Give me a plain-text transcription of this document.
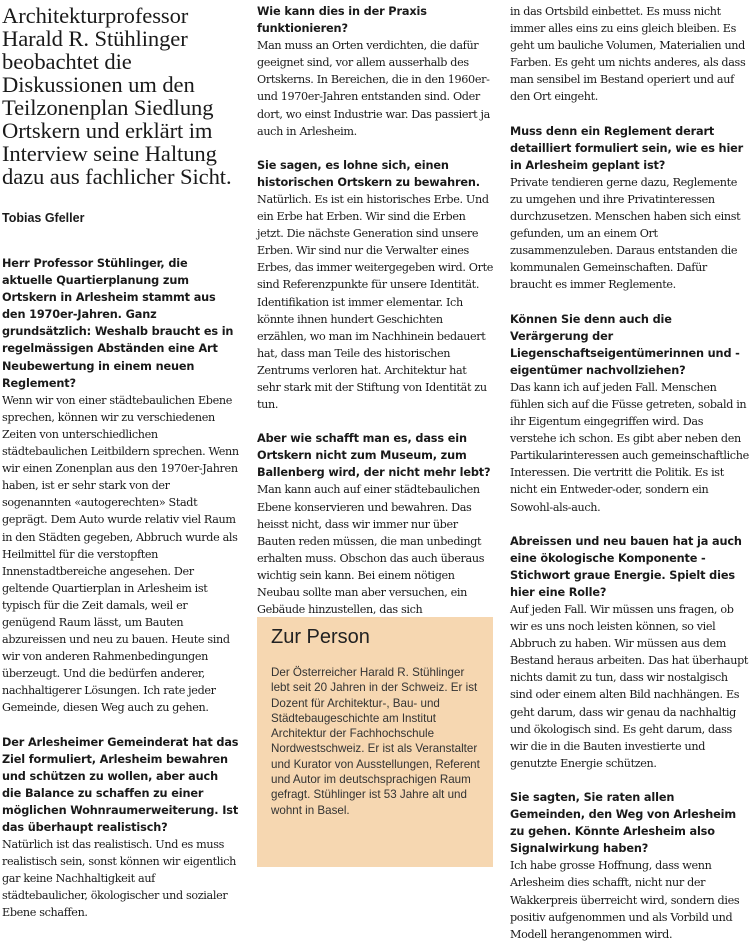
Architekturprofessor Harald R. Stühlinger beobachtet die Diskussionen um den Teilzonenplan Siedlung Ortskern und erklärt im Interview seine Haltung dazu aus fachlicher Sicht.

Tobias Gfeller

Herr Professor Stühlinger, die aktuelle Quartierplanung zum Ortskern in Arlesheim stammt aus den 1970er-Jahren. Ganz grundsätzlich: Weshalb braucht es in regelmässigen Abständen eine Art Neubewertung in einem neuen Reglement?

Wenn wir von einer städtebaulichen Ebene sprechen, können wir zu verschiedenen Zeiten von unterschiedlichen städtebaulichen Leitbildern sprechen. Wenn wir einen Zonenplan aus den 1970er-Jahren haben, ist er sehr stark von der sogenannten «autogerechten» Stadt geprägt. Dem Auto wurde relativ viel Raum in den Städten gegeben, Abbruch wurde als Heilmittel für die verstopften Innenstadtbereiche angesehen. Der geltende Quartierplan in Arlesheim ist typisch für die Zeit damals, weil er genügend Raum lässt, um Bauten abzureissen und neu zu bauen. Heute sind wir von anderen Rahmenbedingungen überzeugt. Und die bedürfen anderer, nachhaltigerer Lösungen. Ich rate jeder Gemeinde, diesen Weg auch zu gehen.

Der Arlesheimer Gemeinderat hat das Ziel formuliert, Arlesheim bewahren und schützen zu wollen, aber auch die Balance zu schaffen zu einer möglichen Wohnraumerweiterung. Ist das überhaupt realistisch?

Natürlich ist das realistisch. Und es muss realistisch sein, sonst können wir eigentlich gar keine Nachhaltigkeit auf städtebaulicher, ökologischer und sozialer Ebene schaffen.

Wie kann dies in der Praxis funktionieren?

Man muss an Orten verdichten, die dafür geeignet sind, vor allem ausserhalb des Ortskerns. In Bereichen, die in den 1960er- und 1970er-Jahren entstanden sind. Oder dort, wo einst Industrie war. Das passiert ja auch in Arlesheim.

Sie sagen, es lohne sich, einen historischen Ortskern zu bewahren.

Natürlich. Es ist ein historisches Erbe. Und ein Erbe hat Erben. Wir sind die Erben jetzt. Die nächste Generation sind unsere Erben. Wir sind nur die Verwalter eines Erbes, das immer weitergegeben wird. Orte sind Referenzpunkte für unsere Identität. Identifikation ist immer elementar. Ich könnte ihnen hundert Geschichten erzählen, wo man im Nachhinein bedauert hat, dass man Teile des historischen Zentrums verloren hat. Architektur hat sehr stark mit der Stiftung von Identität zu tun.

Aber wie schafft man es, dass ein Ortskern nicht zum Museum, zum Ballenberg wird, der nicht mehr lebt?

Man kann auch auf einer städtebaulichen Ebene konservieren und bewahren. Das heisst nicht, dass wir immer nur über Bauten reden müssen, die man unbedingt erhalten muss. Obschon das auch überaus wichtig sein kann. Bei einem nötigen Neubau sollte man aber versuchen, ein Gebäude hinzustellen, das sich

Zur Person

Der Österreicher Harald R. Stühlinger lebt seit 20 Jahren in der Schweiz. Er ist Dozent für Architektur-, Bau- und Städtebaugeschichte am Institut Architektur der Fachhochschule Nordwestschweiz. Er ist als Veranstalter und Kurator von Ausstellungen, Referent und Autor im deutschsprachigen Raum gefragt. Stühlinger ist 53 Jahre alt und wohnt in Basel.

in das Ortsbild einbettet. Es muss nicht immer alles eins zu eins gleich bleiben. Es geht um bauliche Volumen, Materialien und Farben. Es geht um nichts anderes, als dass man sensibel im Bestand operiert und auf den Ort eingeht.

Muss denn ein Reglement derart detailliert formuliert sein, wie es hier in Arlesheim geplant ist?

Private tendieren gerne dazu, Reglemente zu umgehen und ihre Privatinteressen durchzusetzen. Menschen haben sich einst gefunden, um an einem Ort zusammenzuleben. Daraus entstanden die kommunalen Gemeinschaften. Dafür braucht es immer Reglemente.

Können Sie denn auch die Verärgerung der Liegenschaftseigentümerinnen und -eigentümer nachvollziehen?

Das kann ich auf jeden Fall. Menschen fühlen sich auf die Füsse getreten, sobald in ihr Eigentum eingegriffen wird. Das verstehe ich schon. Es gibt aber neben den Partikularinteressen auch gemeinschaftliche Interessen. Die vertritt die Politik. Es ist nicht ein Entweder-oder, sondern ein Sowohl-als-auch.

Abreissen und neu bauen hat ja auch eine ökologische Komponente - Stichwort graue Energie. Spielt dies hier eine Rolle?

Auf jeden Fall. Wir müssen uns fragen, ob wir es uns noch leisten können, so viel Abbruch zu haben. Wir müssen aus dem Bestand heraus arbeiten. Das hat überhaupt nichts damit zu tun, dass wir nostalgisch sind oder einem alten Bild nachhängen. Es geht darum, dass wir genau da nachhaltig und ökologisch sind. Es geht darum, dass wir die in die Bauten investierte und genutzte Energie schützen.

Sie sagten, Sie raten allen Gemeinden, den Weg von Arlesheim zu gehen. Könnte Arlesheim also Signalwirkung haben?

Ich habe grosse Hoffnung, dass wenn Arlesheim dies schafft, nicht nur der Wakkerpreis überreicht wird, sondern dies positiv aufgenommen und als Vorbild und Modell herangenommen wird.
